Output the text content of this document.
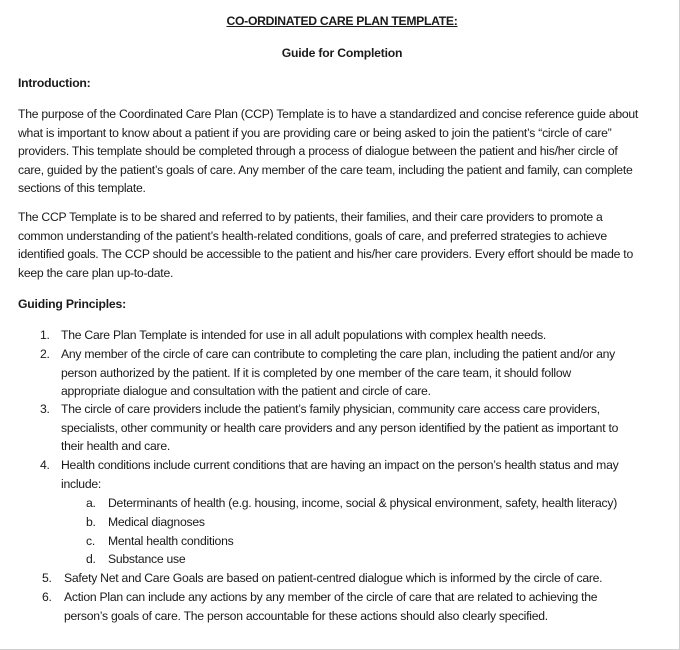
CO-ORDINATED CARE PLAN TEMPLATE:
Guide for Completion
Introduction:
The purpose of the Coordinated Care Plan (CCP) Template is to have a standardized and concise reference guide about
what is important to know about a patient if you are providing care or being asked to join the patient’s “circle of care”
providers. This template should be completed through a process of dialogue between the patient and his/her circle of
care, guided by the patient’s goals of care. Any member of the care team, including the patient and family, can complete
sections of this template.
The CCP Template is to be shared and referred to by patients, their families, and their care providers to promote a
common understanding of the patient’s health-related conditions, goals of care, and preferred strategies to achieve
identified goals. The CCP should be accessible to the patient and his/her care providers. Every effort should be made to
keep the care plan up-to-date.
Guiding Principles:
1. The Care Plan Template is intended for use in all adult populations with complex health needs.
2. Any member of the circle of care can contribute to completing the care plan, including the patient and/or any
person authorized by the patient. If it is completed by one member of the care team, it should follow
appropriate dialogue and consultation with the patient and circle of care.
3. The circle of care providers include the patient’s family physician, community care access care providers,
specialists, other community or health care providers and any person identified by the patient as important to
their health and care.
4. Health conditions include current conditions that are having an impact on the person’s health status and may
include:
a. Determinants of health (e.g. housing, income, social & physical environment, safety, health literacy)
b. Medical diagnoses
c. Mental health conditions
d. Substance use
5. Safety Net and Care Goals are based on patient-centred dialogue which is informed by the circle of care.
6. Action Plan can include any actions by any member of the circle of care that are related to achieving the
person’s goals of care. The person accountable for these actions should also clearly specified.
